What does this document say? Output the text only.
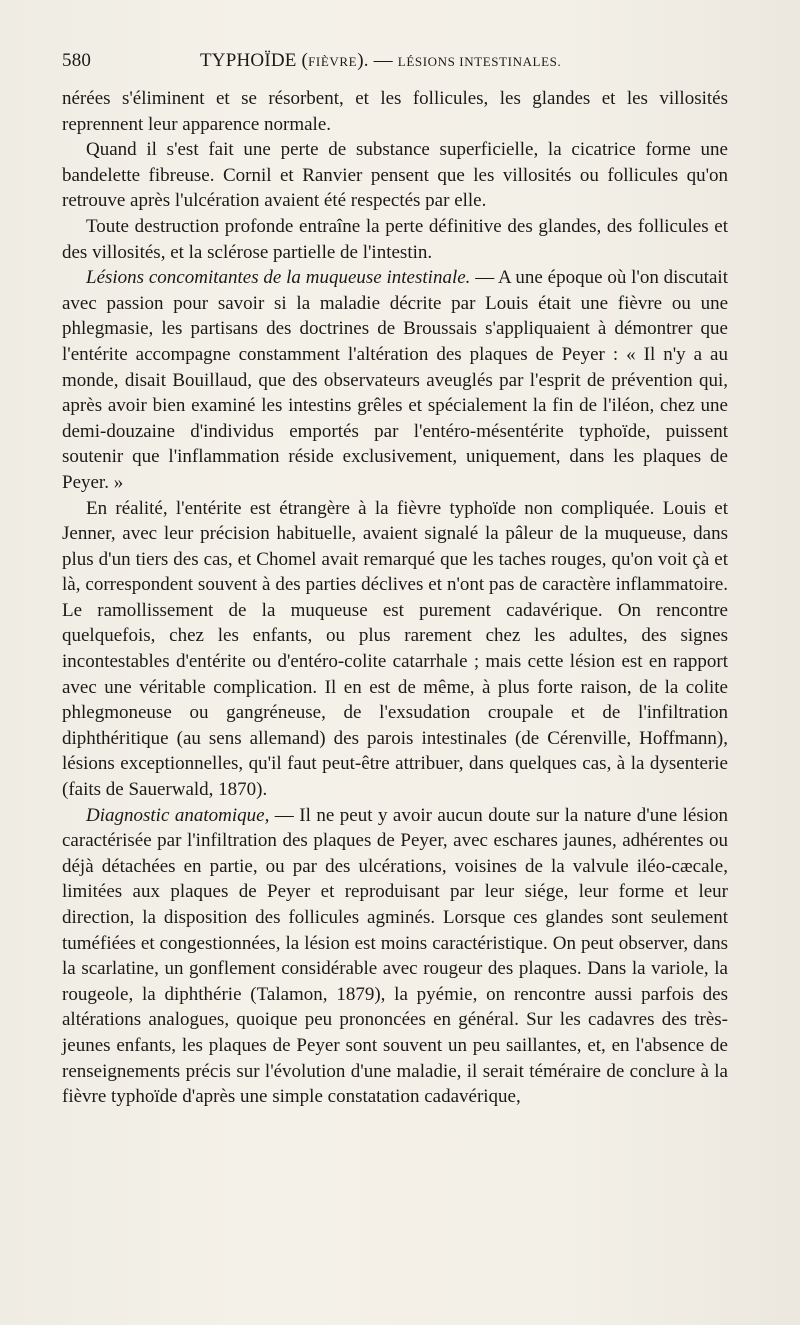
580	TYPHOÏDE (FIÈVRE). — LÉSIONS INTESTINALES.

nérées s'éliminent et se résorbent, et les follicules, les glandes et les villosités reprennent leur apparence normale.

Quand il s'est fait une perte de substance superficielle, la cicatrice forme une bandelette fibreuse. Cornil et Ranvier pensent que les villosités ou follicules qu'on retrouve après l'ulcération avaient été respectés par elle.

Toute destruction profonde entraîne la perte définitive des glandes, des follicules et des villosités, et la sclérose partielle de l'intestin.

Lésions concomitantes de la muqueuse intestinale. — A une époque où l'on discutait avec passion pour savoir si la maladie décrite par Louis était une fièvre ou une phlegmasie, les partisans des doctrines de Broussais s'appliquaient à démontrer que l'entérite accompagne constamment l'altération des plaques de Peyer : « Il n'y a au monde, disait Bouillaud, que des observateurs aveuglés par l'esprit de prévention qui, après avoir bien examiné les intestins grêles et spécialement la fin de l'iléon, chez une demi-douzaine d'individus emportés par l'entéro-mésentérite typhoïde, puissent soutenir que l'inflammation réside exclusivement, uniquement, dans les plaques de Peyer. »

En réalité, l'entérite est étrangère à la fièvre typhoïde non compliquée. Louis et Jenner, avec leur précision habituelle, avaient signalé la pâleur de la muqueuse, dans plus d'un tiers des cas, et Chomel avait remarqué que les taches rouges, qu'on voit çà et là, correspondent souvent à des parties déclives et n'ont pas de caractère inflammatoire. Le ramollissement de la muqueuse est purement cadavérique. On rencontre quelquefois, chez les enfants, ou plus rarement chez les adultes, des signes incontestables d'entérite ou d'entéro-colite catarrhale ; mais cette lésion est en rapport avec une véritable complication. Il en est de même, à plus forte raison, de la colite phlegmoneuse ou gangréneuse, de l'exsudation croupale et de l'infiltration diphthéritique (au sens allemand) des parois intestinales (de Cérenville, Hoffmann), lésions exceptionnelles, qu'il faut peut-être attribuer, dans quelques cas, à la dysenterie (faits de Sauerwald, 1870).

Diagnostic anatomique, — Il ne peut y avoir aucun doute sur la nature d'une lésion caractérisée par l'infiltration des plaques de Peyer, avec eschares jaunes, adhérentes ou déjà détachées en partie, ou par des ulcérations, voisines de la valvule iléo-cæcale, limitées aux plaques de Peyer et reproduisant par leur siége, leur forme et leur direction, la disposition des follicules agminés. Lorsque ces glandes sont seulement tuméfiées et congestionnées, la lésion est moins caractéristique. On peut observer, dans la scarlatine, un gonflement considérable avec rougeur des plaques. Dans la variole, la rougeole, la diphthérie (Talamon, 1879), la pyémie, on rencontre aussi parfois des altérations analogues, quoique peu prononcées en général. Sur les cadavres des très-jeunes enfants, les plaques de Peyer sont souvent un peu saillantes, et, en l'absence de renseignements précis sur l'évolution d'une maladie, il serait téméraire de conclure à la fièvre typhoïde d'après une simple constatation cadavérique,
